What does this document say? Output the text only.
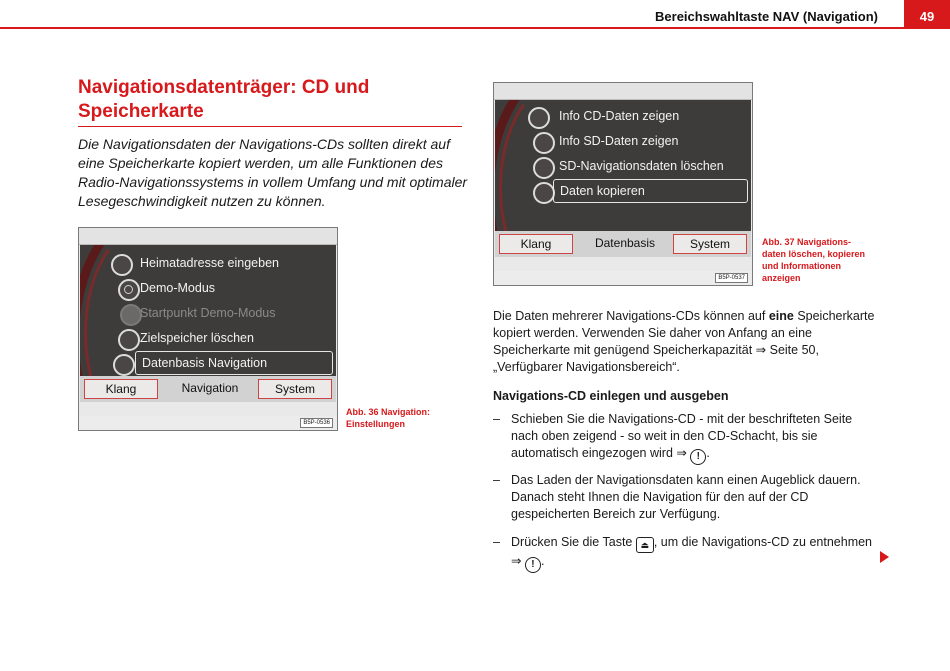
Bereichswahltaste NAV (Navigation)	49
Navigationsdatenträger: CD und Speicherkarte
Die Navigationsdaten der Navigations-CDs sollten direkt auf eine Speicherkarte kopiert werden, um alle Funktionen des Radio-Navigationssystems in vollem Umfang und mit optimaler Lesegeschwindigkeit nutzen zu können.
Heimatadresse eingeben
Demo-Modus
Startpunkt Demo-Modus
Zielspeicher löschen
Datenbasis Navigation
Klang	Navigation	System
B5P-0536
Abb. 36 Navigation: Einstellungen
Info CD-Daten zeigen
Info SD-Daten zeigen
SD-Navigationsdaten löschen
Daten kopieren
Klang	Datenbasis	System
B5P-0537
Abb. 37 Navigations-daten löschen, kopieren und Informationen anzeigen
Die Daten mehrerer Navigations-CDs können auf eine Speicherkarte kopiert werden. Verwenden Sie daher von Anfang an eine Speicherkarte mit genügend Speicherkapazität ⇒ Seite 50, „Verfügbarer Navigationsbereich“.
Navigations-CD einlegen und ausgeben
– Schieben Sie die Navigations-CD - mit der beschrifteten Seite nach oben zeigend - so weit in den CD-Schacht, bis sie automatisch eingezogen wird ⇒ ! .
– Das Laden der Navigationsdaten kann einen Augeblick dauern. Danach steht Ihnen die Navigation für den auf der CD gespeicherten Bereich zur Verfügung.
– Drücken Sie die Taste ⏏ , um die Navigations-CD zu entnehmen ⇒ ! .
